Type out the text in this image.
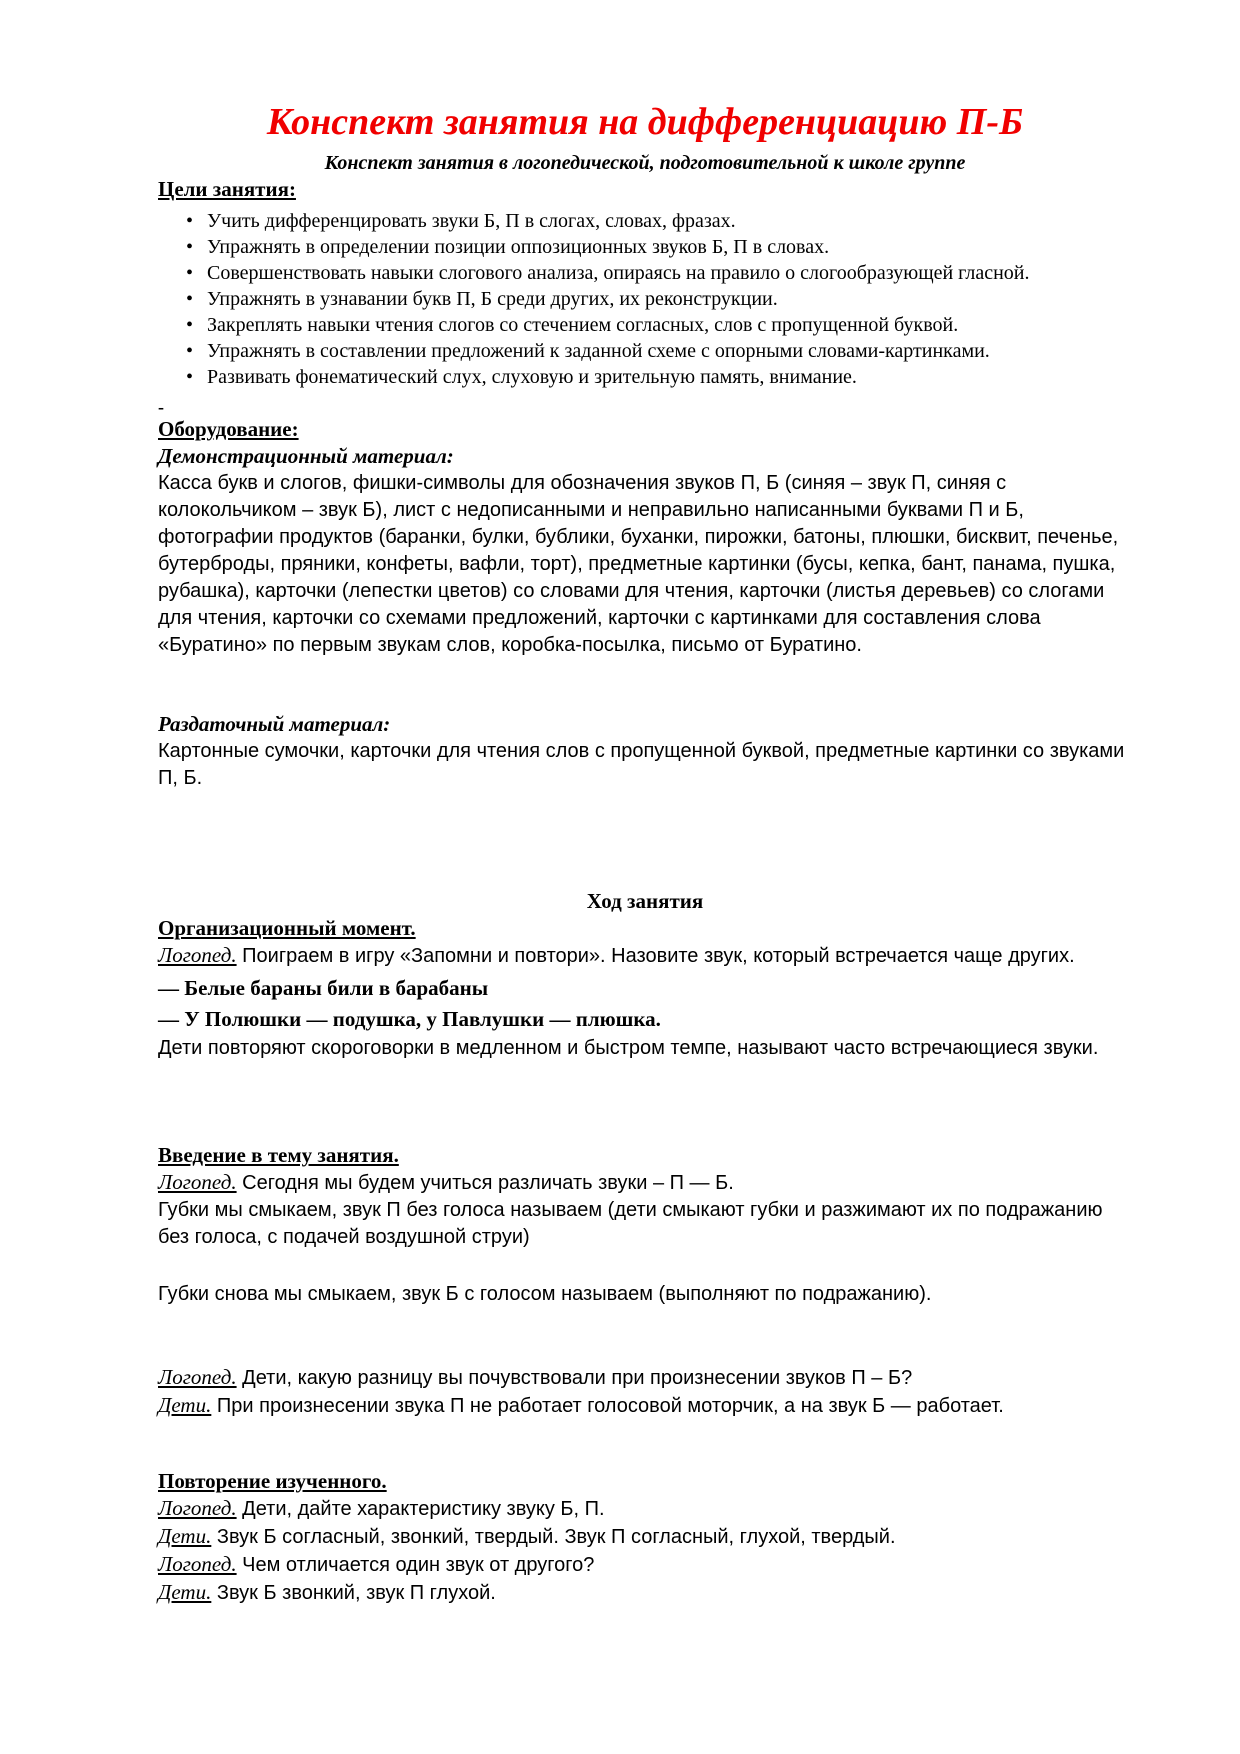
Конспект занятия на дифференциацию П-Б
Конспект занятия в логопедической, подготовительной к школе группе

Цели занятия:

• Учить дифференцировать звуки Б, П в слогах, словах, фразах.
• Упражнять в определении позиции оппозиционных звуков Б, П в словах.
• Совершенствовать навыки слогового анализа, опираясь на правило о слогообразующей гласной.
• Упражнять в узнавании букв П, Б среди других, их реконструкции.
• Закреплять навыки чтения слогов со стечением согласных, слов с пропущенной буквой.
• Упражнять в составлении предложений к заданной схеме с опорными словами-картинками.
• Развивать фонематический слух, слуховую и зрительную память, внимание.

-

Оборудование:

Демонстрационный материал:

Касса букв и слогов, фишки-символы для обозначения звуков П, Б (синяя – звук П, синяя с колокольчиком – звук Б), лист с недописанными и неправильно написанными буквами П и Б, фотографии продуктов (баранки, булки, бублики, буханки, пирожки, батоны, плюшки, бисквит, печенье, бутерброды, пряники, конфеты, вафли, торт), предметные картинки (бусы, кепка, бант, панама, пушка, рубашка), карточки (лепестки цветов) со словами для чтения, карточки (листья деревьев) со слогами для чтения, карточки со схемами предложений, карточки с картинками для составления слова «Буратино» по первым звукам слов, коробка-посылка, письмо от Буратино.

Раздаточный материал:

Картонные сумочки, карточки для чтения слов с пропущенной буквой, предметные картинки со звуками П, Б.

Ход занятия

Организационный момент.

Логопед. Поиграем в игру «Запомни и повтори». Назовите звук, который встречается чаще других.

— Белые бараны били в барабаны

— У Полюшки — подушка, у Павлушки — плюшка.

Дети повторяют скороговорки в медленном и быстром темпе, называют часто встречающиеся звуки.

Введение в тему занятия.

Логопед. Сегодня мы будем учиться различать звуки – П — Б.

Губки мы смыкаем, звук П без голоса называем (дети смыкают губки и разжимают их по подражанию без голоса, с подачей воздушной струи)

Губки снова мы смыкаем, звук Б с голосом называем (выполняют по подражанию).

Логопед. Дети, какую разницу вы почувствовали при произнесении звуков П – Б?

Дети. При произнесении звука П не работает голосовой моторчик, а на звук Б — работает.

Повторение изученного.

Логопед. Дети, дайте характеристику звуку Б, П.

Дети. Звук Б согласный, звонкий, твердый. Звук П согласный, глухой, твердый.

Логопед. Чем отличается один звук от другого?

Дети. Звук Б звонкий, звук П глухой.
